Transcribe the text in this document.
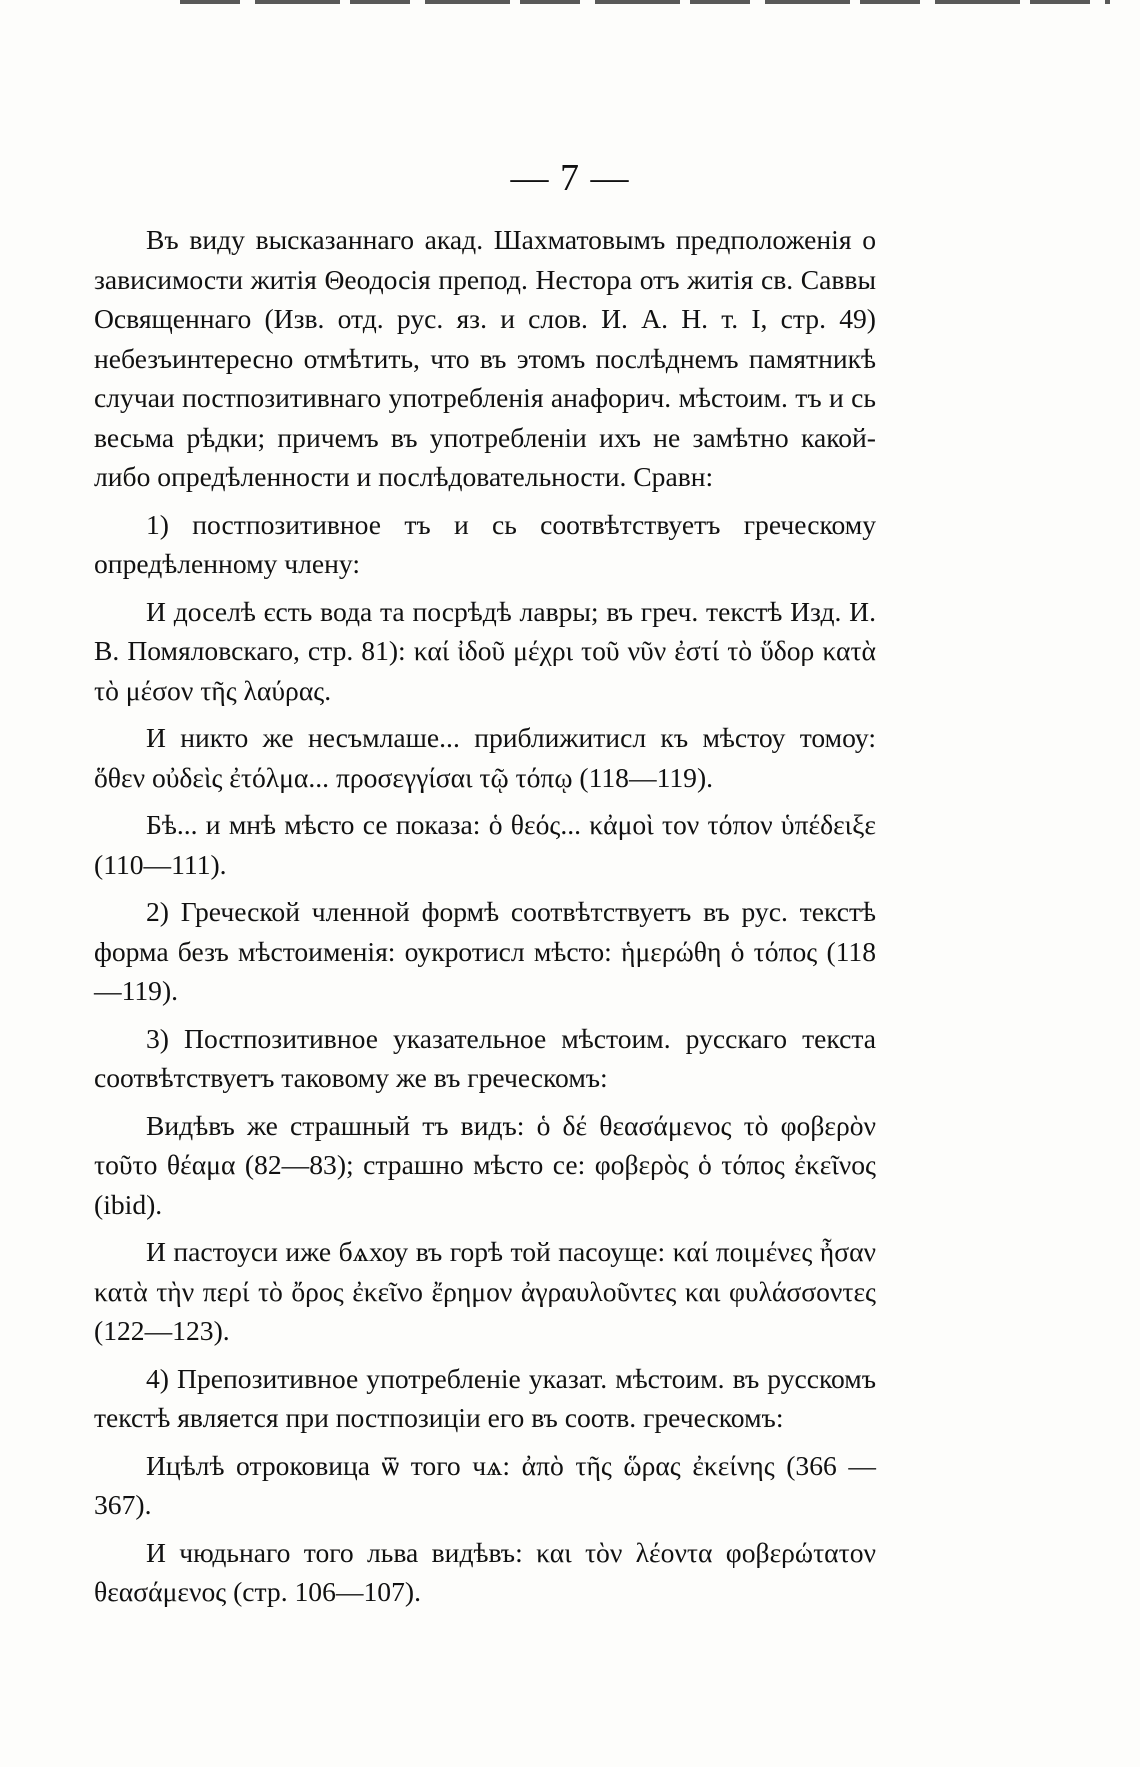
— 7 —

Въ виду высказаннаго акад. Шахматовымъ предположенія о зависимости житія Θеодосія препод. Нестора отъ житія св. Саввы Освященнаго (Изв. отд. рус. яз. и слов. И. А. Н. т. I, стр. 49) небезъинтересно отмѣтить, что въ этомъ послѣднемъ памятникѣ случаи постпозитивнаго употребленія анафорич. мѣстоим. тъ и сь весьма рѣдки; причемъ въ употребленіи ихъ не замѣтно какой-либо опредѣленности и послѣдовательности. Сравн:

1) постпозитивное тъ и сь соотвѣтствуетъ греческому опредѣленному члену:

И доселѣ єсть вода та посрѣдѣ лавры; въ греч. текстѣ Изд. И. В. Помяловскаго, стр. 81): καί ἰδοῦ μέχρι τοῦ νῦν ἐστί τὸ ὕδορ κατὰ τὸ μέσον τῆς λαύρας.

И никто же несъмлаше... приближитисл къ мѣстоу томоу: ὅθεν οὐδεὶς ἐτόλμα... προσεγγίσαι τῷ τόπῳ (118—119).

Бѣ... и мнѣ мѣсто се показа: ὁ θεός... κἀμοὶ τον τόπον ὑπέδειξε (110—111).

2) Греческой членной формѣ соотвѣтствуетъ въ рус. текстѣ форма безъ мѣстоименія: оукротисл мѣсто: ἡμερώθη ὁ τόπος (118—119).

3) Постпозитивное указательное мѣстоим. русскаго текста соотвѣтствуетъ таковому же въ греческомъ:

Видѣвъ же страшный тъ видъ: ὁ δέ θεασάμενος τὸ φοβερὸν τοῦτο θέαμα (82—83); страшно мѣсто се: φοβερὸς ὁ τόπος ἐκεῖνος (ibid).

И пастоуси иже бѧхоу въ горѣ той пасоуще: καί ποιμένες ἦσαν κατὰ τὴν περί τὸ ὄρος ἐκεῖνο ἔρημον ἀγραυλοῦντες και φυλάσσοντες (122—123).

4) Препозитивное употребленіе указат. мѣстоим. въ русскомъ текстѣ является при постпозиціи его въ соотв. греческомъ:

Ицѣлѣ отроковица ѿ того чѧ: ἀπὸ τῆς ὥρας ἐκείνης (366 — 367).

И чюдьнаго того льва видѣвъ: και τὸν λέοντα φοβερώτατον θεασάμενος (стр. 106—107).
